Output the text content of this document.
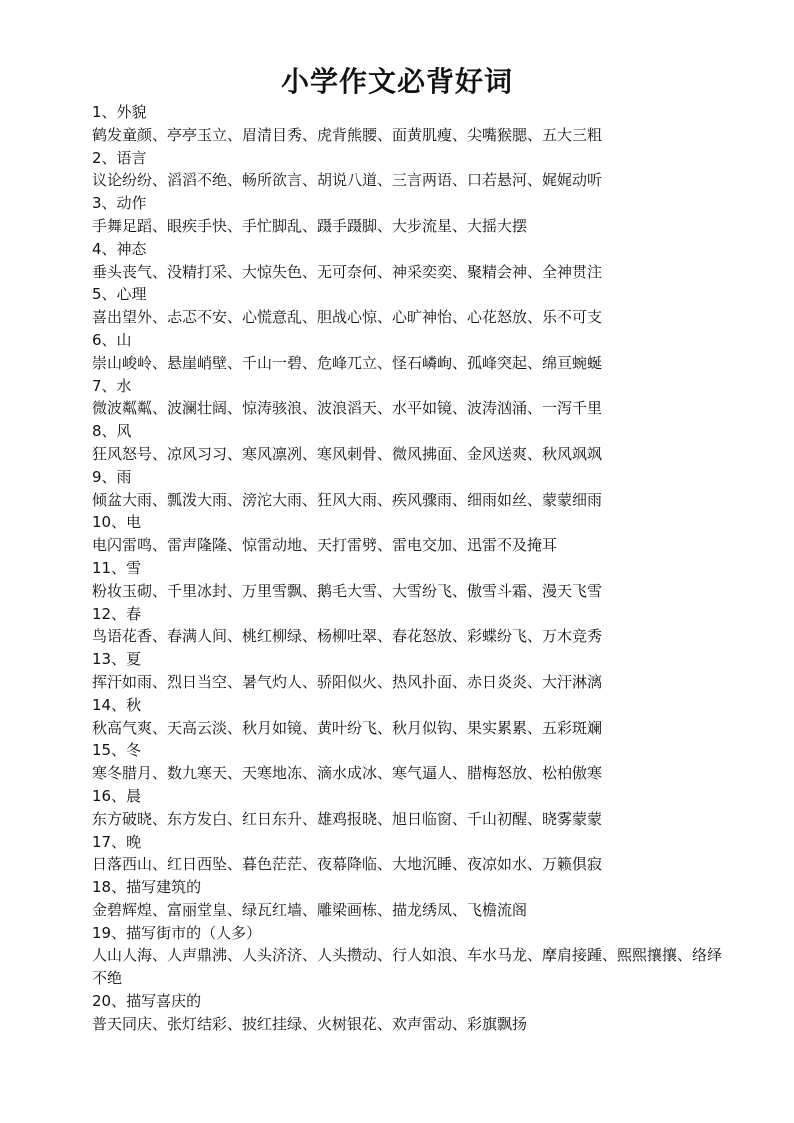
小学作文必背好词
1、外貌
鹤发童颜、亭亭玉立、眉清目秀、虎背熊腰、面黄肌瘦、尖嘴猴腮、五大三粗
2、语言
议论纷纷、滔滔不绝、畅所欲言、胡说八道、三言两语、口若悬河、娓娓动听
3、动作
手舞足蹈、眼疾手快、手忙脚乱、蹑手蹑脚、大步流星、大摇大摆
4、神态
垂头丧气、没精打采、大惊失色、无可奈何、神采奕奕、聚精会神、全神贯注
5、心理
喜出望外、忐忑不安、心慌意乱、胆战心惊、心旷神怡、心花怒放、乐不可支
6、山
崇山峻岭、悬崖峭壁、千山一碧、危峰兀立、怪石嶙峋、孤峰突起、绵亘蜿蜒
7、水
微波粼粼、波澜壮阔、惊涛骇浪、波浪滔天、水平如镜、波涛汹涌、一泻千里
8、风
狂风怒号、凉风习习、寒风凛冽、寒风刺骨、微风拂面、金风送爽、秋风飒飒
9、雨
倾盆大雨、瓢泼大雨、滂沱大雨、狂风大雨、疾风骤雨、细雨如丝、蒙蒙细雨
10、电
电闪雷鸣、雷声隆隆、惊雷动地、天打雷劈、雷电交加、迅雷不及掩耳
11、雪
粉妆玉砌、千里冰封、万里雪飘、鹅毛大雪、大雪纷飞、傲雪斗霜、漫天飞雪
12、春
鸟语花香、春满人间、桃红柳绿、杨柳吐翠、春花怒放、彩蝶纷飞、万木竞秀
13、夏
挥汗如雨、烈日当空、暑气灼人、骄阳似火、热风扑面、赤日炎炎、大汗淋漓
14、秋
秋高气爽、天高云淡、秋月如镜、黄叶纷飞、秋月似钩、果实累累、五彩斑斓
15、冬
寒冬腊月、数九寒天、天寒地冻、滴水成冰、寒气逼人、腊梅怒放、松柏傲寒
16、晨
东方破晓、东方发白、红日东升、雄鸡报晓、旭日临窗、千山初醒、晓雾蒙蒙
17、晚
日落西山、红日西坠、暮色茫茫、夜幕降临、大地沉睡、夜凉如水、万籁俱寂
18、描写建筑的
金碧辉煌、富丽堂皇、绿瓦红墙、雕梁画栋、描龙绣凤、飞檐流阁
19、描写街市的（人多）
人山人海、人声鼎沸、人头济济、人头攒动、行人如浪、车水马龙、摩肩接踵、熙熙攘攘、络绎不绝
20、描写喜庆的
普天同庆、张灯结彩、披红挂绿、火树银花、欢声雷动、彩旗飘扬
